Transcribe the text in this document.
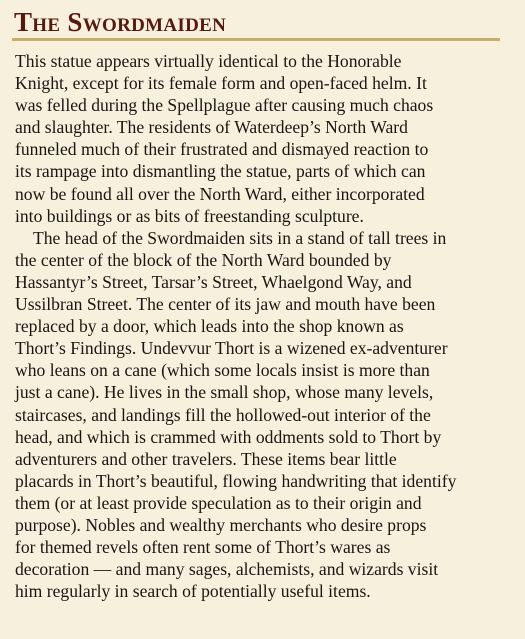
The Swordmaiden

This statue appears virtually identical to the Honorable

Knight, except for its female form and open-faced helm. It

was felled during the Spellplague after causing much chaos

and slaughter. The residents of Waterdeep’s North Ward

funneled much of their frustrated and dismayed reaction to

its rampage into dismantling the statue, parts of which can

now be found all over the North Ward, either incorporated

into buildings or as bits of freestanding sculpture.

The head of the Swordmaiden sits in a stand of tall trees in

the center of the block of the North Ward bounded by

Hassantyr’s Street, Tarsar’s Street, Whaelgond Way, and

Ussilbran Street. The center of its jaw and mouth have been

replaced by a door, which leads into the shop known as

Thort’s Findings. Undevvur Thort is a wizened ex-adventurer

who leans on a cane (which some locals insist is more than

just a cane). He lives in the small shop, whose many levels,

staircases, and landings fill the hollowed-out interior of the

head, and which is crammed with oddments sold to Thort by

adventurers and other travelers. These items bear little

placards in Thort’s beautiful, flowing handwriting that identify

them (or at least provide speculation as to their origin and

purpose). Nobles and wealthy merchants who desire props

for themed revels often rent some of Thort’s wares as

decoration — and many sages, alchemists, and wizards visit

him regularly in search of potentially useful items.
